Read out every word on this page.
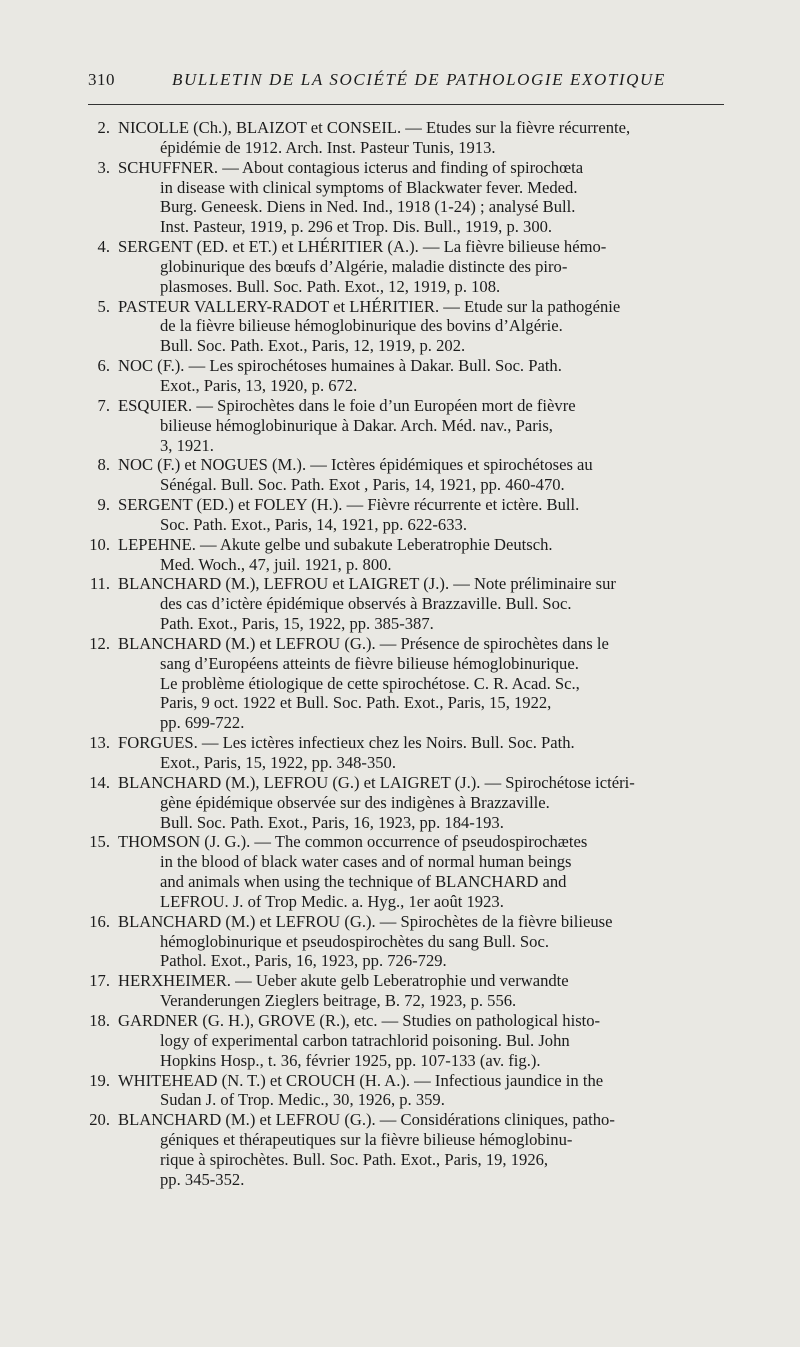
310	BULLETIN DE LA SOCIÉTÉ DE PATHOLOGIE EXOTIQUE
2. NICOLLE (Ch.), BLAIZOT et CONSEIL. — Etudes sur la fièvre récurrente,
épidémie de 1912. Arch. Inst. Pasteur Tunis, 1913.
3. SCHUFFNER. — About contagious icterus and finding of spirochœta
in disease with clinical symptoms of Blackwater fever. Meded.
Burg. Geneesk. Diens in Ned. Ind., 1918 (1-24) ; analysé Bull.
Inst. Pasteur, 1919, p. 296 et Trop. Dis. Bull., 1919, p. 300.
4. SERGENT (ED. et ET.) et LHÉRITIER (A.). — La fièvre bilieuse hémo-
globinurique des bœufs d’Algérie, maladie distincte des piro-
plasmoses. Bull. Soc. Path. Exot., 12, 1919, p. 108.
5. PASTEUR VALLERY-RADOT et LHÉRITIER. — Etude sur la pathogénie
de la fièvre bilieuse hémoglobinurique des bovins d’Algérie.
Bull. Soc. Path. Exot., Paris, 12, 1919, p. 202.
6. NOC (F.). — Les spirochétoses humaines à Dakar. Bull. Soc. Path.
Exot., Paris, 13, 1920, p. 672.
7. ESQUIER. — Spirochètes dans le foie d’un Européen mort de fièvre
bilieuse hémoglobinurique à Dakar. Arch. Méd. nav., Paris,
3, 1921.
8. NOC (F.) et NOGUES (M.). — Ictères épidémiques et spirochétoses au
Sénégal. Bull. Soc. Path. Exot , Paris, 14, 1921, pp. 460-470.
9. SERGENT (ED.) et FOLEY (H.). — Fièvre récurrente et ictère. Bull.
Soc. Path. Exot., Paris, 14, 1921, pp. 622-633.
10. LEPEHNE. — Akute gelbe und subakute Leberatrophie Deutsch.
Med. Woch., 47, juil. 1921, p. 800.
11. BLANCHARD (M.), LEFROU et LAIGRET (J.). — Note préliminaire sur
des cas d’ictère épidémique observés à Brazzaville. Bull. Soc.
Path. Exot., Paris, 15, 1922, pp. 385-387.
12. BLANCHARD (M.) et LEFROU (G.). — Présence de spirochètes dans le
sang d’Européens atteints de fièvre bilieuse hémoglobinurique.
Le problème étiologique de cette spirochétose. C. R. Acad. Sc.,
Paris, 9 oct. 1922 et Bull. Soc. Path. Exot., Paris, 15, 1922,
pp. 699-722.
13. FORGUES. — Les ictères infectieux chez les Noirs. Bull. Soc. Path.
Exot., Paris, 15, 1922, pp. 348-350.
14. BLANCHARD (M.), LEFROU (G.) et LAIGRET (J.). — Spirochétose ictéri-
gène épidémique observée sur des indigènes à Brazzaville.
Bull. Soc. Path. Exot., Paris, 16, 1923, pp. 184-193.
15. THOMSON (J. G.). — The common occurrence of pseudospirochætes
in the blood of black water cases and of normal human beings
and animals when using the technique of BLANCHARD and
LEFROU. J. of Trop Medic. a. Hyg., 1er août 1923.
16. BLANCHARD (M.) et LEFROU (G.). — Spirochètes de la fièvre bilieuse
hémoglobinurique et pseudospirochètes du sang Bull. Soc.
Pathol. Exot., Paris, 16, 1923, pp. 726-729.
17. HERXHEIMER. — Ueber akute gelb Leberatrophie und verwandte
Veranderungen Zieglers beitrage, B. 72, 1923, p. 556.
18. GARDNER (G. H.), GROVE (R.), etc. — Studies on pathological histo-
logy of experimental carbon tatrachlorid poisoning. Bul. John
Hopkins Hosp., t. 36, février 1925, pp. 107-133 (av. fig.).
19. WHITEHEAD (N. T.) et CROUCH (H. A.). — Infectious jaundice in the
Sudan J. of Trop. Medic., 30, 1926, p. 359.
20. BLANCHARD (M.) et LEFROU (G.). — Considérations cliniques, patho-
géniques et thérapeutiques sur la fièvre bilieuse hémoglobinu-
rique à spirochètes. Bull. Soc. Path. Exot., Paris, 19, 1926,
pp. 345-352.
